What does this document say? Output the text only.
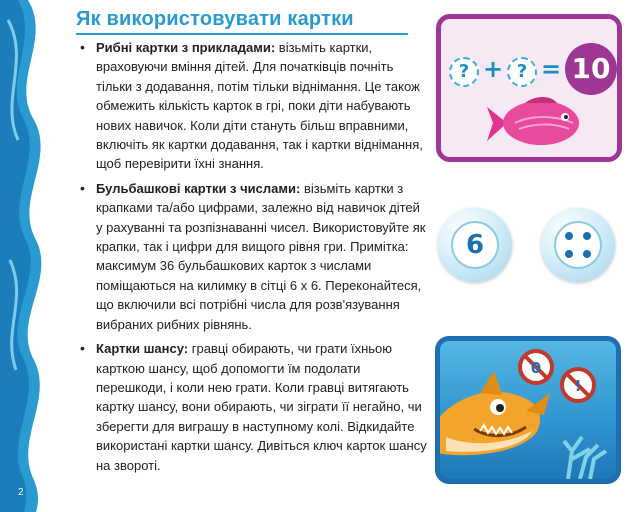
2
Як використовувати картки
• Рибні картки з прикладами: візьміть картки, враховуючи вміння дітей. Для початківців почніть тільки з додавання, потім тільки віднімання. Це також обмежить кількість карток в грі, поки діти набувають нових навичок. Коли діти стануть більш вправними, включіть як картки додавання, так і картки віднімання, щоб перевірити їхні знання.
• Бульбашкові картки з числами: візьміть картки з крапками та/або цифрами, залежно від навичок дітей у рахуванні та розпізнаванні чисел. Використовуйте як крапки, так і цифри для вищого рівня гри. Примітка: максимум 36 бульбашкових карток з числами поміщаються на килимку в сітці 6 х 6. Переконайтеся, що включили всі потрібні числа для розв'язування вибраних рибних рівнянь.
• Картки шансу: гравці обирають, чи грати їхньою карткою шансу, щоб допомогти їм подолати перешкоди, і коли нею грати. Коли гравці витягають картку шансу, вони обирають, чи зіграти її негайно, чи зберегти для виграшу в наступному колі. Відкидайте використані картки шансу. Дивіться ключ карток шансу на звороті.
? + ? = 10
6
0
!
